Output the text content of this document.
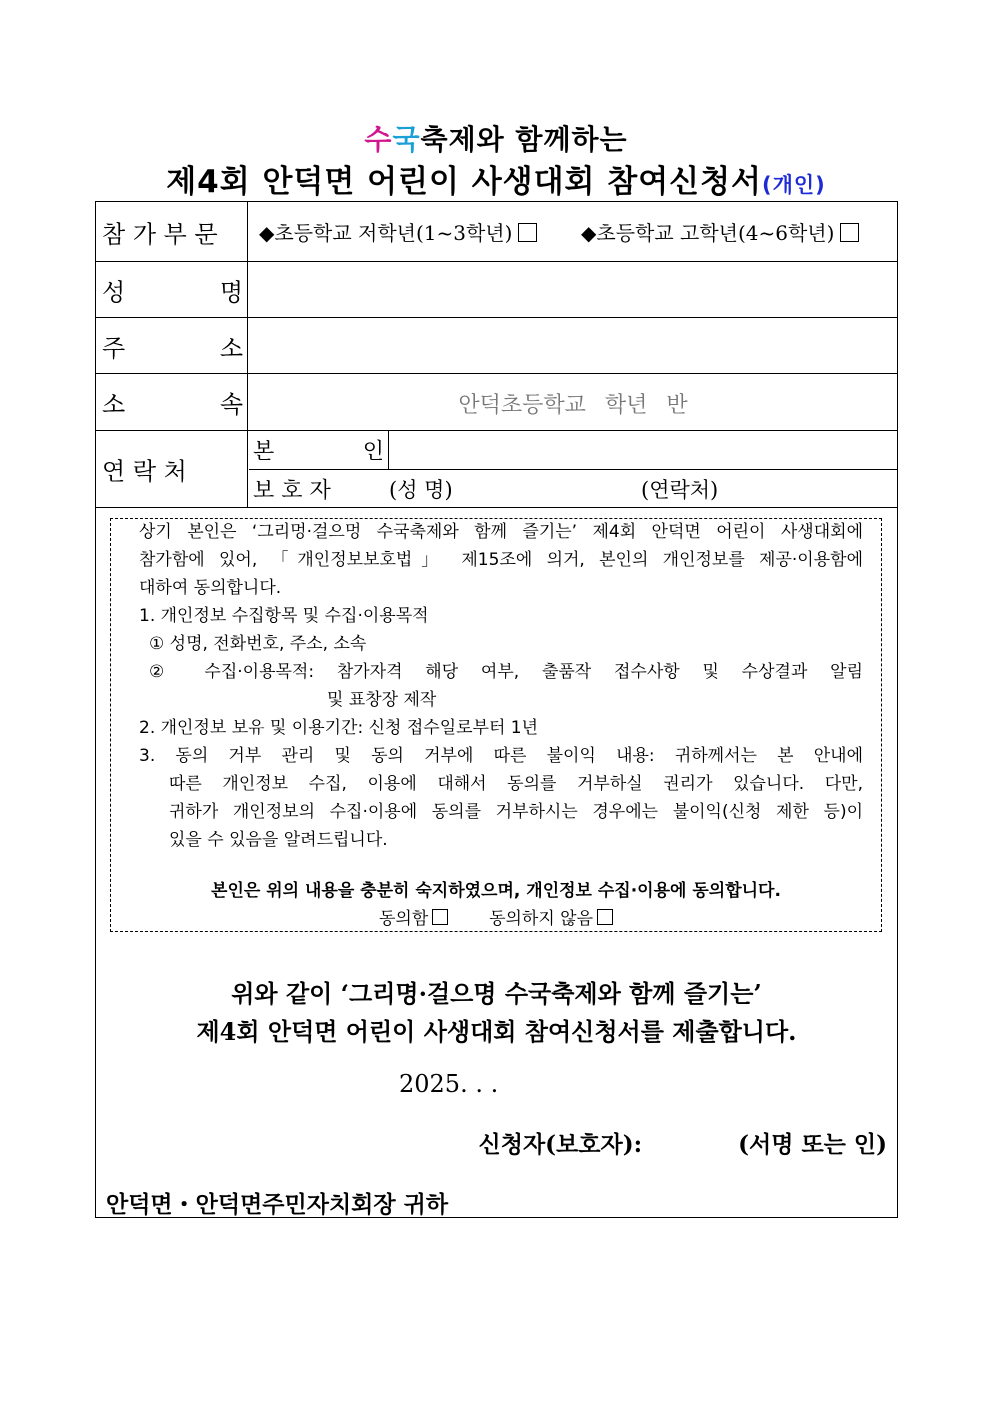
수국축제와 함께하는
제4회 안덕면 어린이 사생대회 참여신청서(개인)
참 가 부 문 ◆초등학교 저학년(1~3학년)	◆초등학교 고학년(4~6학년)
성	명
주	소
소	속	안덕초등학교 학년 반
연 락 처
본	인
보 호 자	(성 명)	(연락처)

상기 본인은 ‘그리멍·걸으멍 수국축제와 함께 즐기는’ 제4회 안덕면 어린이 사생대회에

참가함에 있어, 「개인정보보호법」 제15조에 의거, 본인의 개인정보를 제공·이용함에

대하여 동의합니다.

1. 개인정보 수집항목 및 수집·이용목적

① 성명, 전화번호, 주소, 소속

② 수집·이용목적: 참가자격 해당 여부, 출품작 접수사항 및 수상결과 알림

및 표창장 제작

2. 개인정보 보유 및 이용기간: 신청 접수일로부터 1년

3. 동의 거부 관리 및 동의 거부에 따른 불이익 내용: 귀하께서는 본 안내에

따른 개인정보 수집, 이용에 대해서 동의를 거부하실 권리가 있습니다. 다만,

귀하가 개인정보의 수집·이용에 동의를 거부하시는 경우에는 불이익(신청 제한 등)이

있을 수 있음을 알려드립니다.

본인은 위의 내용을 충분히 숙지하였으며, 개인정보 수집·이용에 동의합니다.

동의함	동의하지 않음

위와 같이 ‘그리명·걸으명 수국축제와 함께 즐기는’
제4회 안덕면 어린이 사생대회 참여신청서를 제출합니다.
2025. . .
신청자(보호자):	(서명 또는 인)
안덕면・안덕면주민자치회장 귀하
